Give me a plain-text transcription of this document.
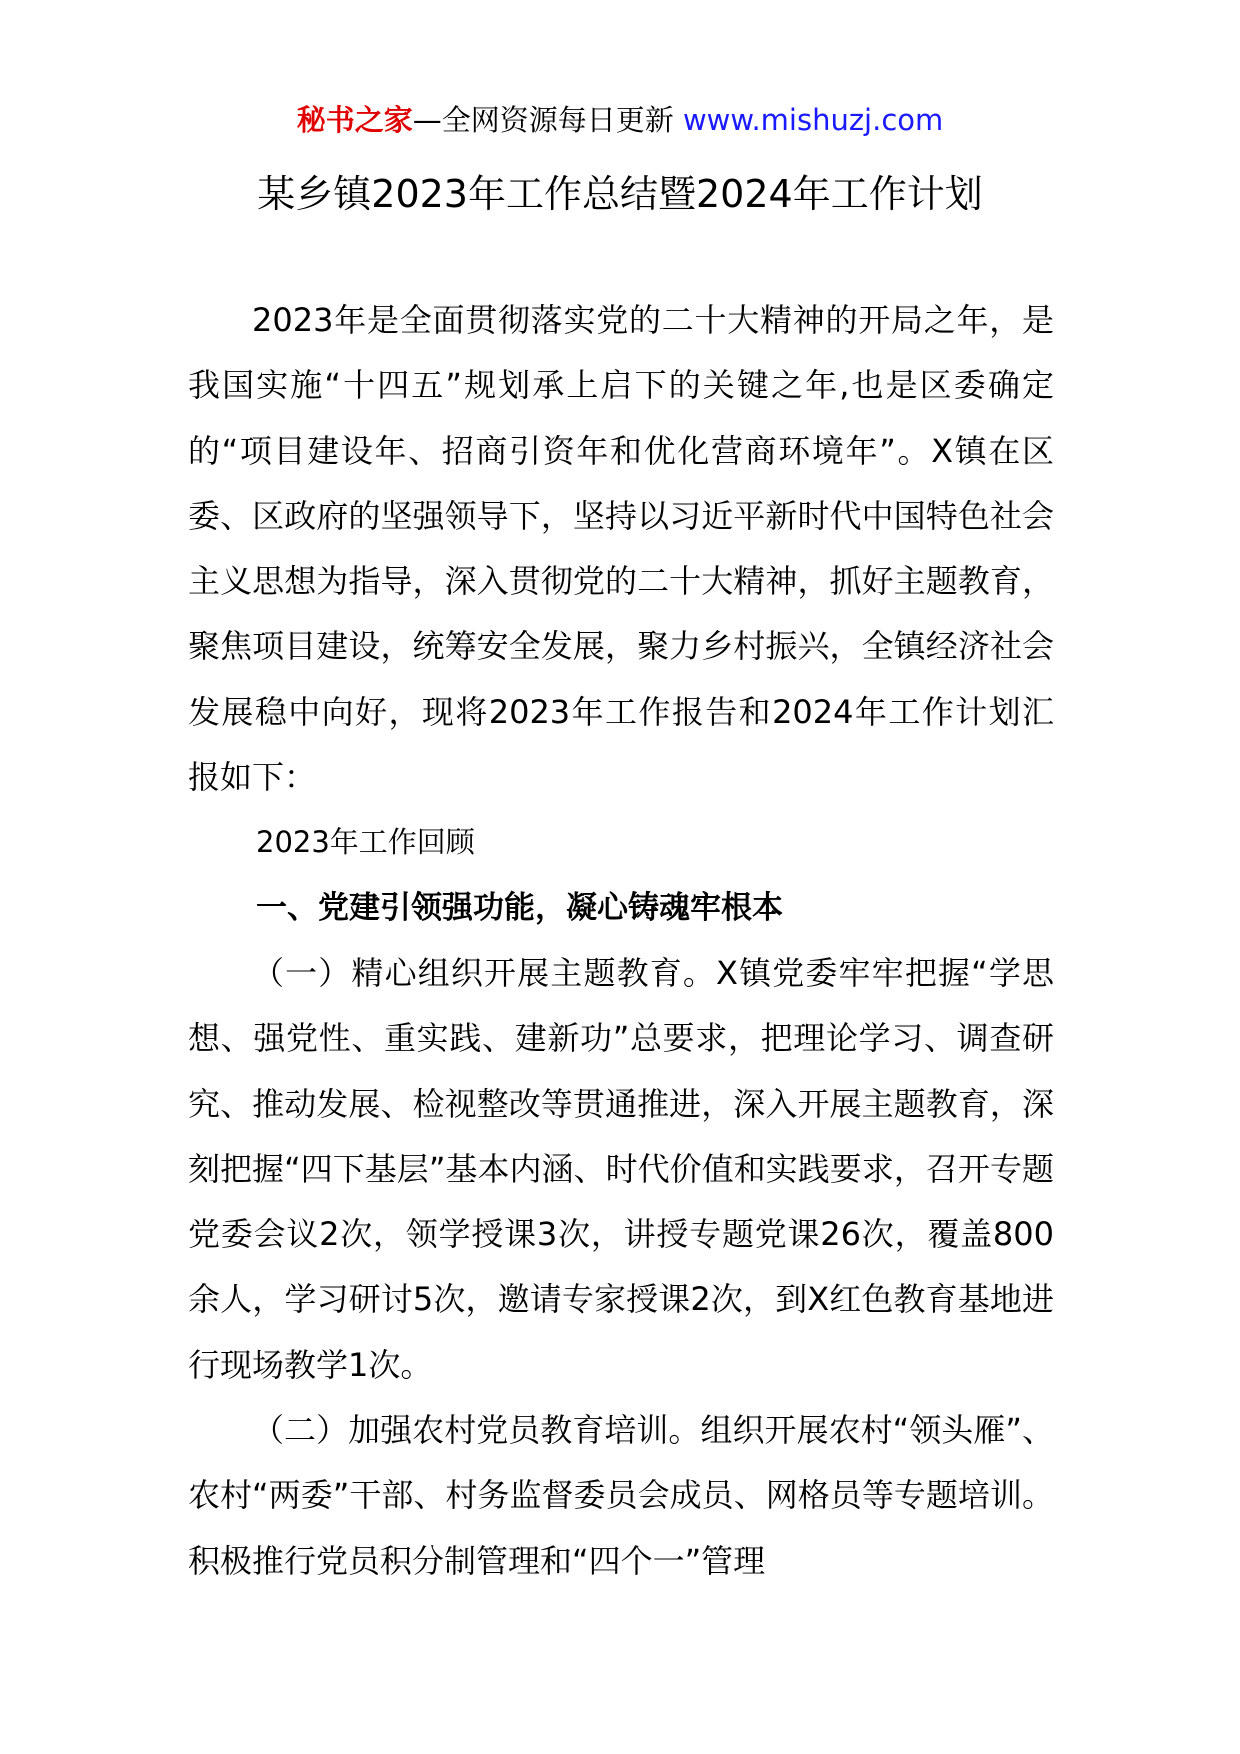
秘书之家—全网资源每日更新 www.mishuzj.com
某乡镇2023年工作总结暨2024年工作计划

2023年是全面贯彻落实党的二十大精神的开局之年，是我国实施“十四五”规划承上启下的关键之年,也是区委确定的“项目建设年、招商引资年和优化营商环境年”。X镇在区委、区政府的坚强领导下，坚持以习近平新时代中国特色社会主义思想为指导，深入贯彻党的二十大精神，抓好主题教育，聚焦项目建设，统筹安全发展，聚力乡村振兴，全镇经济社会发展稳中向好，现将2023年工作报告和2024年工作计划汇报如下：

2023年工作回顾

一、党建引领强功能，凝心铸魂牢根本

（一）精心组织开展主题教育。X镇党委牢牢把握“学思想、强党性、重实践、建新功”总要求，把理论学习、调查研究、推动发展、检视整改等贯通推进，深入开展主题教育，深刻把握“四下基层”基本内涵、时代价值和实践要求，召开专题党委会议2次，领学授课3次，讲授专题党课26次，覆盖800余人，学习研讨5次，邀请专家授课2次，到X红色教育基地进行现场教学1次。

（二）加强农村党员教育培训。组织开展农村“领头雁”、农村“两委”干部、村务监督委员会成员、网格员等专题培训。积极推行党员积分制管理和“四个一”管理
